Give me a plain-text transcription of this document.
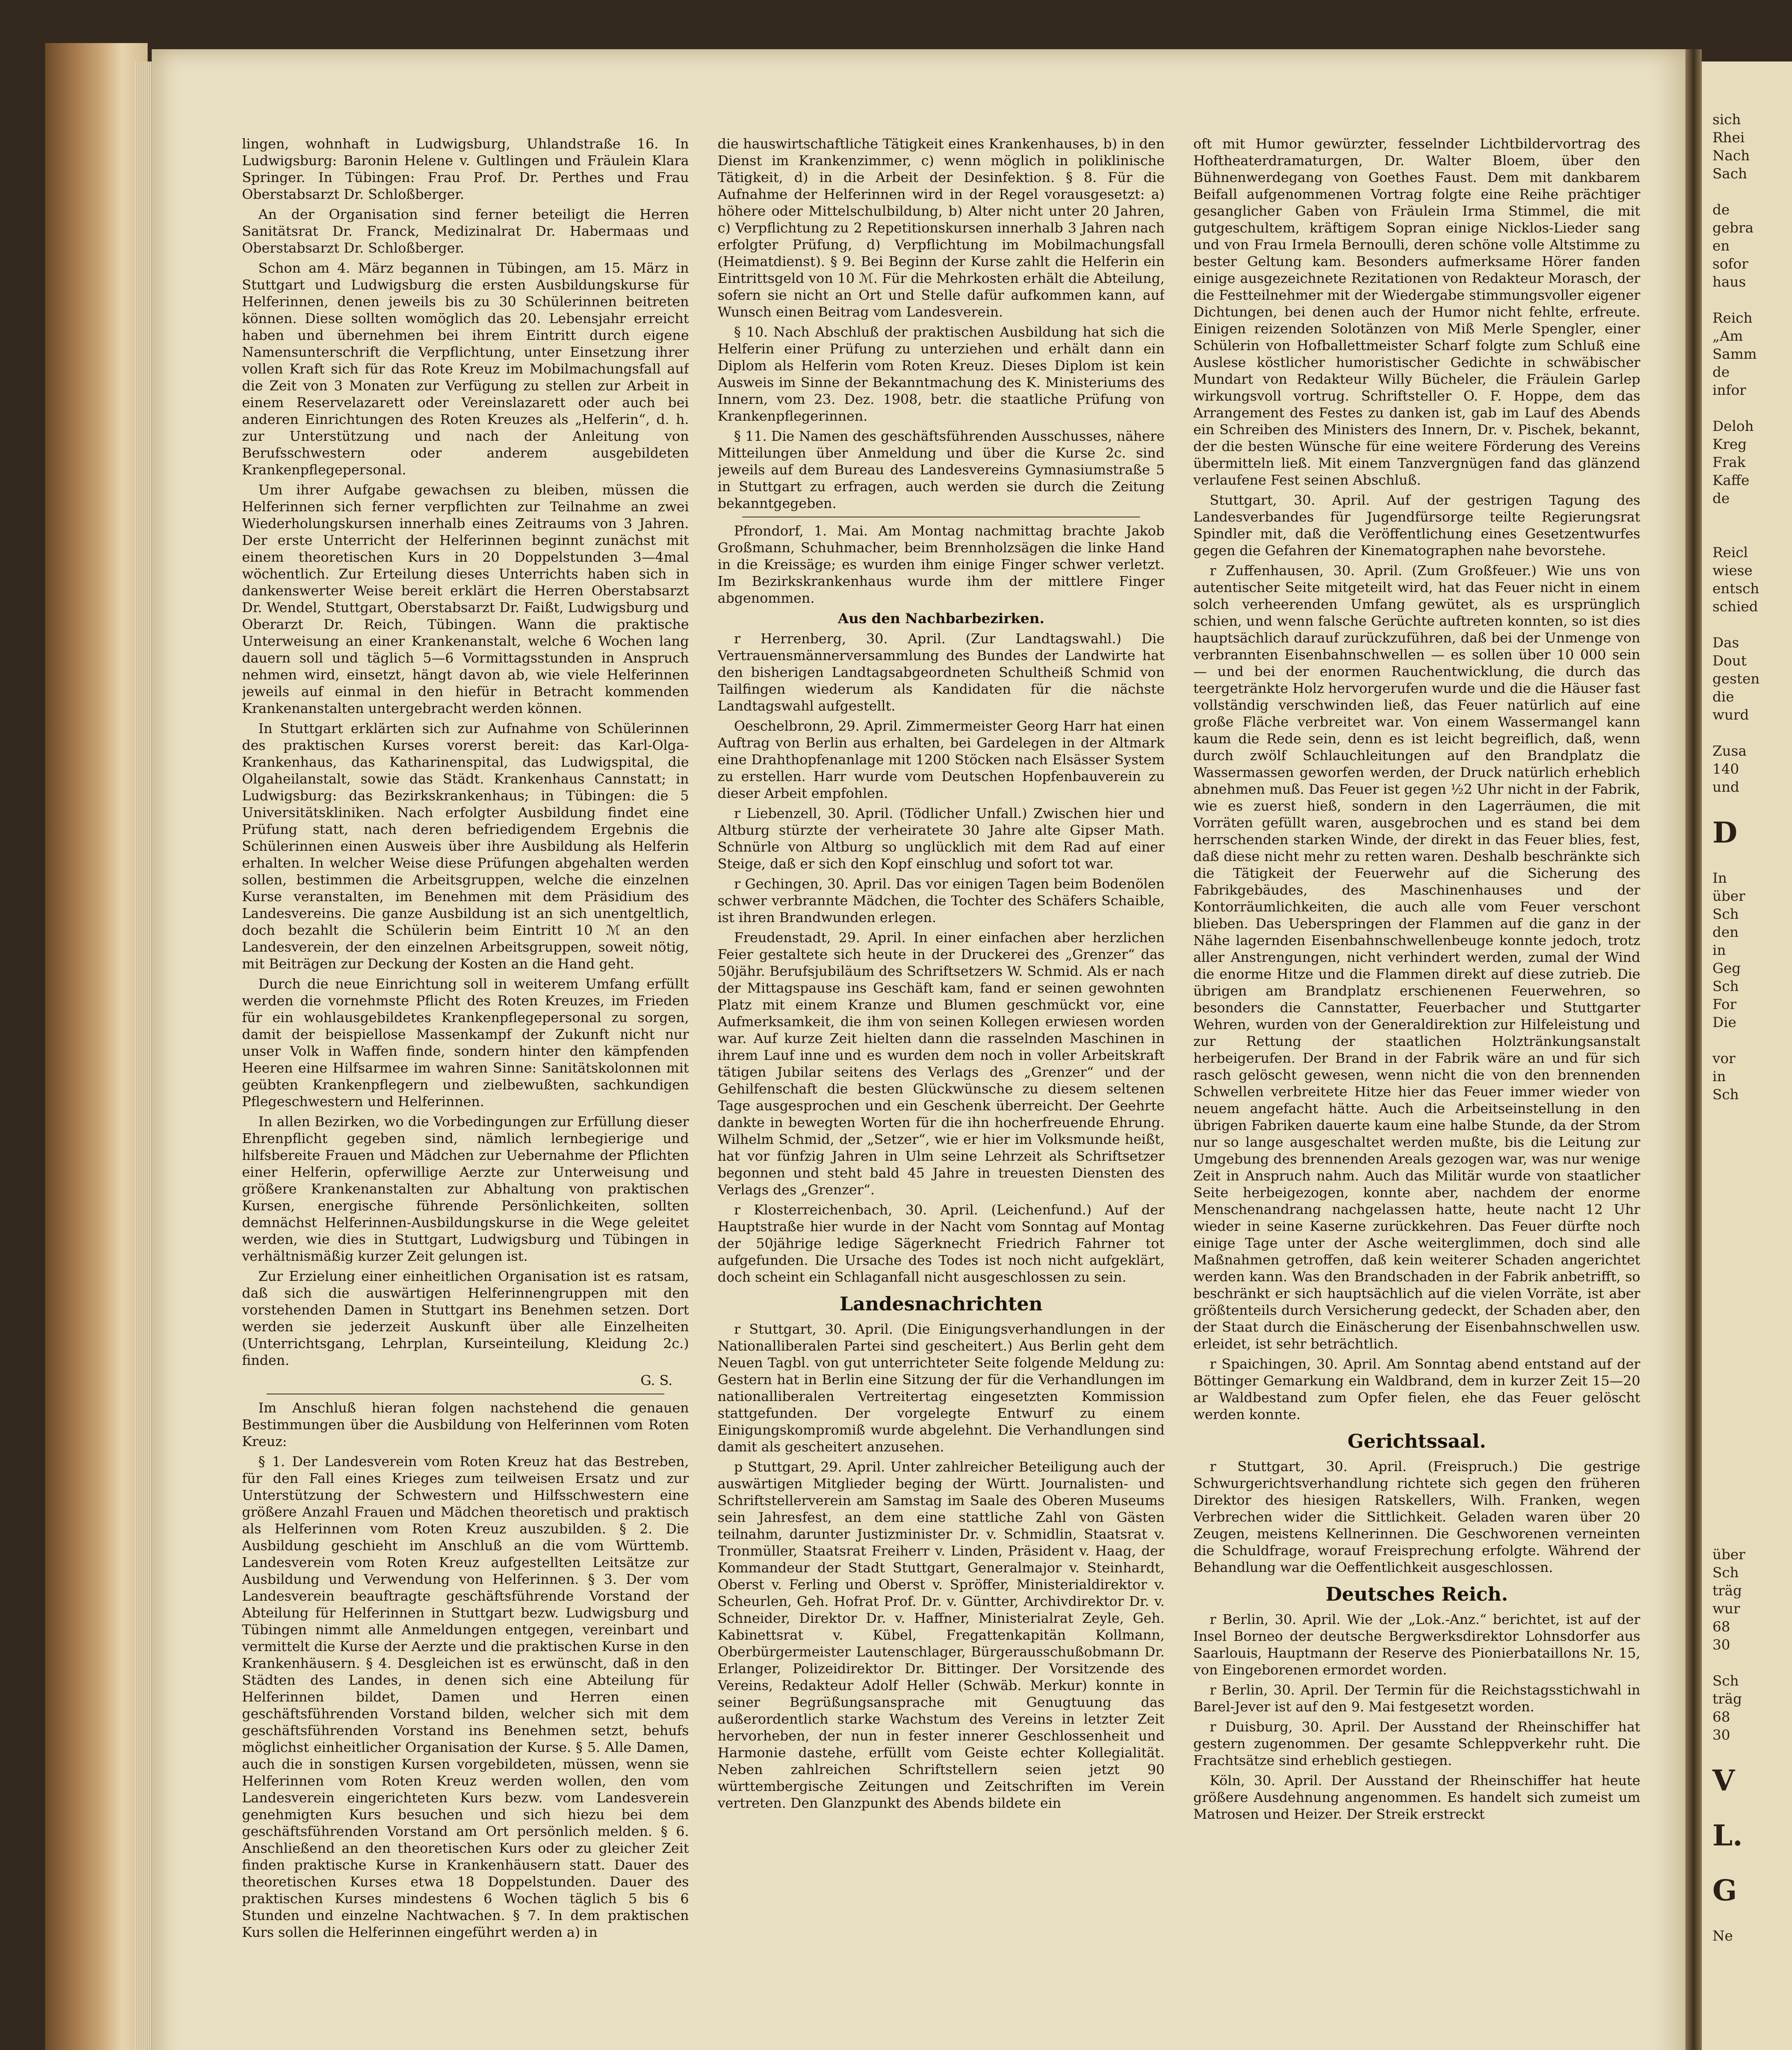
lingen, wohnhaft in Ludwigsburg, Uhlandstraße 16. In Ludwigsburg: Baronin Helene v. Gultlingen und Fräulein Klara Springer. In Tübingen: Frau Prof. Dr. Perthes und Frau Oberstabsarzt Dr. Schloßberger.

An der Organisation sind ferner beteiligt die Herren Sanitätsrat Dr. Franck, Medizinalrat Dr. Habermaas und Oberstabsarzt Dr. Schloßberger.

Schon am 4. März begannen in Tübingen, am 15. März in Stuttgart und Ludwigsburg die ersten Ausbildungskurse für Helferinnen, denen jeweils bis zu 30 Schülerinnen beitreten können. Diese sollten womöglich das 20. Lebensjahr erreicht haben und übernehmen bei ihrem Eintritt durch eigene Namensunterschrift die Verpflichtung, unter Einsetzung ihrer vollen Kraft sich für das Rote Kreuz im Mobilmachungsfall auf die Zeit von 3 Monaten zur Verfügung zu stellen zur Arbeit in einem Reservelazarett oder Vereinslazarett oder auch bei anderen Einrichtungen des Roten Kreuzes als „Helferin“, d. h. zur Unterstützung und nach der Anleitung von Berufsschwestern oder anderem ausgebildeten Krankenpflegepersonal.

Um ihrer Aufgabe gewachsen zu bleiben, müssen die Helferinnen sich ferner verpflichten zur Teilnahme an zwei Wiederholungskursen innerhalb eines Zeitraums von 3 Jahren. Der erste Unterricht der Helferinnen beginnt zunächst mit einem theoretischen Kurs in 20 Doppelstunden 3—4mal wöchentlich. Zur Erteilung dieses Unterrichts haben sich in dankenswerter Weise bereit erklärt die Herren Oberstabsarzt Dr. Wendel, Stuttgart, Oberstabsarzt Dr. Faißt, Ludwigsburg und Oberarzt Dr. Reich, Tübingen. Wann die praktische Unterweisung an einer Krankenanstalt, welche 6 Wochen lang dauern soll und täglich 5—6 Vormittagsstunden in Anspruch nehmen wird, einsetzt, hängt davon ab, wie viele Helferinnen jeweils auf einmal in den hiefür in Betracht kommenden Krankenanstalten untergebracht werden können.

In Stuttgart erklärten sich zur Aufnahme von Schülerinnen des praktischen Kurses vorerst bereit: das Karl-Olga-Krankenhaus, das Katharinenspital, das Ludwigspital, die Olgaheilanstalt, sowie das Städt. Krankenhaus Cannstatt; in Ludwigsburg: das Bezirkskrankenhaus; in Tübingen: die 5 Universitätskliniken. Nach erfolgter Ausbildung findet eine Prüfung statt, nach deren befriedigendem Ergebnis die Schülerinnen einen Ausweis über ihre Ausbildung als Helferin erhalten. In welcher Weise diese Prüfungen abgehalten werden sollen, bestimmen die Arbeitsgruppen, welche die einzelnen Kurse veranstalten, im Benehmen mit dem Präsidium des Landesvereins. Die ganze Ausbildung ist an sich unentgeltlich, doch bezahlt die Schülerin beim Eintritt 10 ℳ an den Landesverein, der den einzelnen Arbeitsgruppen, soweit nötig, mit Beiträgen zur Deckung der Kosten an die Hand geht.

Durch die neue Einrichtung soll in weiterem Umfang erfüllt werden die vornehmste Pflicht des Roten Kreuzes, im Frieden für ein wohlausgebildetes Krankenpflegepersonal zu sorgen, damit der beispiellose Massenkampf der Zukunft nicht nur unser Volk in Waffen finde, sondern hinter den kämpfenden Heeren eine Hilfsarmee im wahren Sinne: Sanitätskolonnen mit geübten Krankenpflegern und zielbewußten, sachkundigen Pflegeschwestern und Helferinnen.

In allen Bezirken, wo die Vorbedingungen zur Erfüllung dieser Ehrenpflicht gegeben sind, nämlich lernbegierige und hilfsbereite Frauen und Mädchen zur Uebernahme der Pflichten einer Helferin, opferwillige Aerzte zur Unterweisung und größere Krankenanstalten zur Abhaltung von praktischen Kursen, energische führende Persönlichkeiten, sollten demnächst Helferinnen-Ausbildungskurse in die Wege geleitet werden, wie dies in Stuttgart, Ludwigsburg und Tübingen in verhältnismäßig kurzer Zeit gelungen ist.

Zur Erzielung einer einheitlichen Organisation ist es ratsam, daß sich die auswärtigen Helferinnengruppen mit den vorstehenden Damen in Stuttgart ins Benehmen setzen. Dort werden sie jederzeit Auskunft über alle Einzelheiten (Unterrichtsgang, Lehrplan, Kurseinteilung, Kleidung 2c.) finden.

G. S.

Im Anschluß hieran folgen nachstehend die genauen Bestimmungen über die Ausbildung von Helferinnen vom Roten Kreuz:

§ 1. Der Landesverein vom Roten Kreuz hat das Bestreben, für den Fall eines Krieges zum teilweisen Ersatz und zur Unterstützung der Schwestern und Hilfsschwestern eine größere Anzahl Frauen und Mädchen theoretisch und praktisch als Helferinnen vom Roten Kreuz auszubilden. § 2. Die Ausbildung geschieht im Anschluß an die vom Württemb. Landesverein vom Roten Kreuz aufgestellten Leitsätze zur Ausbildung und Verwendung von Helferinnen. § 3. Der vom Landesverein beauftragte geschäftsführende Vorstand der Abteilung für Helferinnen in Stuttgart bezw. Ludwigsburg und Tübingen nimmt alle Anmeldungen entgegen, vereinbart und vermittelt die Kurse der Aerzte und die praktischen Kurse in den Krankenhäusern. § 4. Desgleichen ist es erwünscht, daß in den Städten des Landes, in denen sich eine Abteilung für Helferinnen bildet, Damen und Herren einen geschäftsführenden Vorstand bilden, welcher sich mit dem geschäftsführenden Vorstand ins Benehmen setzt, behufs möglichst einheitlicher Organisation der Kurse. § 5. Alle Damen, auch die in sonstigen Kursen vorgebildeten, müssen, wenn sie Helferinnen vom Roten Kreuz werden wollen, den vom Landesverein eingerichteten Kurs bezw. vom Landesverein genehmigten Kurs besuchen und sich hiezu bei dem geschäftsführenden Vorstand am Ort persönlich melden. § 6. Anschließend an den theoretischen Kurs oder zu gleicher Zeit finden praktische Kurse in Krankenhäusern statt. Dauer des theoretischen Kurses etwa 18 Doppelstunden. Dauer des praktischen Kurses mindestens 6 Wochen täglich 5 bis 6 Stunden und einzelne Nachtwachen. § 7. In dem praktischen Kurs sollen die Helferinnen eingeführt werden a) in

die hauswirtschaftliche Tätigkeit eines Krankenhauses, b) in den Dienst im Krankenzimmer, c) wenn möglich in poliklinische Tätigkeit, d) in die Arbeit der Desinfektion. § 8. Für die Aufnahme der Helferinnen wird in der Regel vorausgesetzt: a) höhere oder Mittelschulbildung, b) Alter nicht unter 20 Jahren, c) Verpflichtung zu 2 Repetitionskursen innerhalb 3 Jahren nach erfolgter Prüfung, d) Verpflichtung im Mobilmachungsfall (Heimatdienst). § 9. Bei Beginn der Kurse zahlt die Helferin ein Eintrittsgeld von 10 ℳ. Für die Mehrkosten erhält die Abteilung, sofern sie nicht an Ort und Stelle dafür aufkommen kann, auf Wunsch einen Beitrag vom Landesverein.

§ 10. Nach Abschluß der praktischen Ausbildung hat sich die Helferin einer Prüfung zu unterziehen und erhält dann ein Diplom als Helferin vom Roten Kreuz. Dieses Diplom ist kein Ausweis im Sinne der Bekanntmachung des K. Ministeriums des Innern, vom 23. Dez. 1908, betr. die staatliche Prüfung von Krankenpflegerinnen.

§ 11. Die Namen des geschäftsführenden Ausschusses, nähere Mitteilungen über Anmeldung und über die Kurse 2c. sind jeweils auf dem Bureau des Landesvereins Gymnasiumstraße 5 in Stuttgart zu erfragen, auch werden sie durch die Zeitung bekanntgegeben.

Pfrondorf, 1. Mai. Am Montag nachmittag brachte Jakob Großmann, Schuhmacher, beim Brennholzsägen die linke Hand in die Kreissäge; es wurden ihm einige Finger schwer verletzt. Im Bezirkskrankenhaus wurde ihm der mittlere Finger abgenommen.

Aus den Nachbarbezirken.

r Herrenberg, 30. April. (Zur Landtagswahl.) Die Vertrauensmännerversammlung des Bundes der Landwirte hat den bisherigen Landtagsabgeordneten Schultheiß Schmid von Tailfingen wiederum als Kandidaten für die nächste Landtagswahl aufgestellt.

Oeschelbronn, 29. April. Zimmermeister Georg Harr hat einen Auftrag von Berlin aus erhalten, bei Gardelegen in der Altmark eine Drahthopfenanlage mit 1200 Stöcken nach Elsässer System zu erstellen. Harr wurde vom Deutschen Hopfenbauverein zu dieser Arbeit empfohlen.

r Liebenzell, 30. April. (Tödlicher Unfall.) Zwischen hier und Altburg stürzte der verheiratete 30 Jahre alte Gipser Math. Schnürle von Altburg so unglücklich mit dem Rad auf einer Steige, daß er sich den Kopf einschlug und sofort tot war.

r Gechingen, 30. April. Das vor einigen Tagen beim Bodenölen schwer verbrannte Mädchen, die Tochter des Schäfers Schaible, ist ihren Brandwunden erlegen.

Freudenstadt, 29. April. In einer einfachen aber herzlichen Feier gestaltete sich heute in der Druckerei des „Grenzer“ das 50jähr. Berufsjubiläum des Schriftsetzers W. Schmid. Als er nach der Mittagspause ins Geschäft kam, fand er seinen gewohnten Platz mit einem Kranze und Blumen geschmückt vor, eine Aufmerksamkeit, die ihm von seinen Kollegen erwiesen worden war. Auf kurze Zeit hielten dann die rasselnden Maschinen in ihrem Lauf inne und es wurden dem noch in voller Arbeitskraft tätigen Jubilar seitens des Verlags des „Grenzer“ und der Gehilfenschaft die besten Glückwünsche zu diesem seltenen Tage ausgesprochen und ein Geschenk überreicht. Der Geehrte dankte in bewegten Worten für die ihn hocherfreuende Ehrung. Wilhelm Schmid, der „Setzer“, wie er hier im Volksmunde heißt, hat vor fünfzig Jahren in Ulm seine Lehrzeit als Schriftsetzer begonnen und steht bald 45 Jahre in treuesten Diensten des Verlags des „Grenzer“.

r Klosterreichenbach, 30. April. (Leichenfund.) Auf der Hauptstraße hier wurde in der Nacht vom Sonntag auf Montag der 50jährige ledige Sägerknecht Friedrich Fahrner tot aufgefunden. Die Ursache des Todes ist noch nicht aufgeklärt, doch scheint ein Schlaganfall nicht ausgeschlossen zu sein.

Landesnachrichten

r Stuttgart, 30. April. (Die Einigungsverhandlungen in der Nationalliberalen Partei sind gescheitert.) Aus Berlin geht dem Neuen Tagbl. von gut unterrichteter Seite folgende Meldung zu: Gestern hat in Berlin eine Sitzung der für die Verhandlungen im nationalliberalen Vertreitertag eingesetzten Kommission stattgefunden. Der vorgelegte Entwurf zu einem Einigungskompromiß wurde abgelehnt. Die Verhandlungen sind damit als gescheitert anzusehen.

p Stuttgart, 29. April. Unter zahlreicher Beteiligung auch der auswärtigen Mitglieder beging der Württ. Journalisten- und Schriftstellerverein am Samstag im Saale des Oberen Museums sein Jahresfest, an dem eine stattliche Zahl von Gästen teilnahm, darunter Justizminister Dr. v. Schmidlin, Staatsrat v. Tronmüller, Staatsrat Freiherr v. Linden, Präsident v. Haag, der Kommandeur der Stadt Stuttgart, Generalmajor v. Steinhardt, Oberst v. Ferling und Oberst v. Spröffer, Ministerialdirektor v. Scheurlen, Geh. Hofrat Prof. Dr. v. Güntter, Archivdirektor Dr. v. Schneider, Direktor Dr. v. Haffner, Ministerialrat Zeyle, Geh. Kabinettsrat v. Kübel, Fregattenkapitän Kollmann, Oberbürgermeister Lautenschlager, Bürgerausschußobmann Dr. Erlanger, Polizeidirektor Dr. Bittinger. Der Vorsitzende des Vereins, Redakteur Adolf Heller (Schwäb. Merkur) konnte in seiner Begrüßungsansprache mit Genugtuung das außerordentlich starke Wachstum des Vereins in letzter Zeit hervorheben, der nun in fester innerer Geschlossenheit und Harmonie dastehe, erfüllt vom Geiste echter Kollegialität. Neben zahlreichen Schriftstellern seien jetzt 90 württembergische Zeitungen und Zeitschriften im Verein vertreten. Den Glanzpunkt des Abends bildete ein

oft mit Humor gewürzter, fesselnder Lichtbildervortrag des Hoftheaterdramaturgen, Dr. Walter Bloem, über den Bühnenwerdegang von Goethes Faust. Dem mit dankbarem Beifall aufgenommenen Vortrag folgte eine Reihe prächtiger gesanglicher Gaben von Fräulein Irma Stimmel, die mit gutgeschultem, kräftigem Sopran einige Nicklos-Lieder sang und von Frau Irmela Bernoulli, deren schöne volle Altstimme zu bester Geltung kam. Besonders aufmerksame Hörer fanden einige ausgezeichnete Rezitationen von Redakteur Morasch, der die Festteilnehmer mit der Wiedergabe stimmungsvoller eigener Dichtungen, bei denen auch der Humor nicht fehlte, erfreute. Einigen reizenden Solotänzen von Miß Merle Spengler, einer Schülerin von Hofballettmeister Scharf folgte zum Schluß eine Auslese köstlicher humoristischer Gedichte in schwäbischer Mundart von Redakteur Willy Bücheler, die Fräulein Garlep wirkungsvoll vortrug. Schriftsteller O. F. Hoppe, dem das Arrangement des Festes zu danken ist, gab im Lauf des Abends ein Schreiben des Ministers des Innern, Dr. v. Pischek, bekannt, der die besten Wünsche für eine weitere Förderung des Vereins übermitteln ließ. Mit einem Tanzvergnügen fand das glänzend verlaufene Fest seinen Abschluß.

Stuttgart, 30. April. Auf der gestrigen Tagung des Landesverbandes für Jugendfürsorge teilte Regierungsrat Spindler mit, daß die Veröffentlichung eines Gesetzentwurfes gegen die Gefahren der Kinematographen nahe bevorstehe.

r Zuffenhausen, 30. April. (Zum Großfeuer.) Wie uns von autentischer Seite mitgeteilt wird, hat das Feuer nicht in einem solch verheerenden Umfang gewütet, als es ursprünglich schien, und wenn falsche Gerüchte auftreten konnten, so ist dies hauptsächlich darauf zurückzuführen, daß bei der Unmenge von verbrannten Eisenbahnschwellen — es sollen über 10 000 sein — und bei der enormen Rauchentwicklung, die durch das teergetränkte Holz hervorgerufen wurde und die die Häuser fast vollständig verschwinden ließ, das Feuer natürlich auf eine große Fläche verbreitet war. Von einem Wassermangel kann kaum die Rede sein, denn es ist leicht begreiflich, daß, wenn durch zwölf Schlauchleitungen auf den Brandplatz die Wassermassen geworfen werden, der Druck natürlich erheblich abnehmen muß. Das Feuer ist gegen ½2 Uhr nicht in der Fabrik, wie es zuerst hieß, sondern in den Lagerräumen, die mit Vorräten gefüllt waren, ausgebrochen und es stand bei dem herrschenden starken Winde, der direkt in das Feuer blies, fest, daß diese nicht mehr zu retten waren. Deshalb beschränkte sich die Tätigkeit der Feuerwehr auf die Sicherung des Fabrikgebäudes, des Maschinenhauses und der Kontorräumlichkeiten, die auch alle vom Feuer verschont blieben. Das Ueberspringen der Flammen auf die ganz in der Nähe lagernden Eisenbahnschwellenbeuge konnte jedoch, trotz aller Anstrengungen, nicht verhindert werden, zumal der Wind die enorme Hitze und die Flammen direkt auf diese zutrieb. Die übrigen am Brandplatz erschienenen Feuerwehren, so besonders die Cannstatter, Feuerbacher und Stuttgarter Wehren, wurden von der Generaldirektion zur Hilfeleistung und zur Rettung der staatlichen Holztränkungsanstalt herbeigerufen. Der Brand in der Fabrik wäre an und für sich rasch gelöscht gewesen, wenn nicht die von den brennenden Schwellen verbreitete Hitze hier das Feuer immer wieder von neuem angefacht hätte. Auch die Arbeitseinstellung in den übrigen Fabriken dauerte kaum eine halbe Stunde, da der Strom nur so lange ausgeschaltet werden mußte, bis die Leitung zur Umgebung des brennenden Areals gezogen war, was nur wenige Zeit in Anspruch nahm. Auch das Militär wurde von staatlicher Seite herbeigezogen, konnte aber, nachdem der enorme Menschenandrang nachgelassen hatte, heute nacht 12 Uhr wieder in seine Kaserne zurückkehren. Das Feuer dürfte noch einige Tage unter der Asche weiterglimmen, doch sind alle Maßnahmen getroffen, daß kein weiterer Schaden angerichtet werden kann. Was den Brandschaden in der Fabrik anbetrifft, so beschränkt er sich hauptsächlich auf die vielen Vorräte, ist aber größtenteils durch Versicherung gedeckt, der Schaden aber, den der Staat durch die Einäscherung der Eisenbahnschwellen usw. erleidet, ist sehr beträchtlich.

r Spaichingen, 30. April. Am Sonntag abend entstand auf der Böttinger Gemarkung ein Waldbrand, dem in kurzer Zeit 15—20 ar Waldbestand zum Opfer fielen, ehe das Feuer gelöscht werden konnte.

Gerichtssaal.

r Stuttgart, 30. April. (Freispruch.) Die gestrige Schwurgerichtsverhandlung richtete sich gegen den früheren Direktor des hiesigen Ratskellers, Wilh. Franken, wegen Verbrechen wider die Sittlichkeit. Geladen waren über 20 Zeugen, meistens Kellnerinnen. Die Geschworenen verneinten die Schuldfrage, worauf Freisprechung erfolgte. Während der Behandlung war die Oeffentlichkeit ausgeschlossen.

Deutsches Reich.

r Berlin, 30. April. Wie der „Lok.-Anz.“ berichtet, ist auf der Insel Borneo der deutsche Bergwerksdirektor Lohnsdorfer aus Saarlouis, Hauptmann der Reserve des Pionierbataillons Nr. 15, von Eingeborenen ermordet worden.

r Berlin, 30. April. Der Termin für die Reichstagsstichwahl in Barel-Jever ist auf den 9. Mai festgesetzt worden.

r Duisburg, 30. April. Der Ausstand der Rheinschiffer hat gestern zugenommen. Der gesamte Schleppverkehr ruht. Die Frachtsätze sind erheblich gestiegen.

Köln, 30. April. Der Ausstand der Rheinschiffer hat heute größere Ausdehnung angenommen. Es handelt sich zumeist um Matrosen und Heizer. Der Streik erstreckt

sich
Rhei
Nach
Sach

de
gebra
en
sofor
haus

Reich
„Am
Samm
de
infor

Deloh
Kreg
Frak
Kaffe
de

Reicl
wiese
entsch
schied

Das
Dout
gesten
die
wurd

Zusa
140
und

D

In
über
Sch
den
in
Geg
Sch
For
Die

vor
in
Sch
über
Sch
träg
wur
68
30

Sch
träg
68
30

V

L.

G

Ne
